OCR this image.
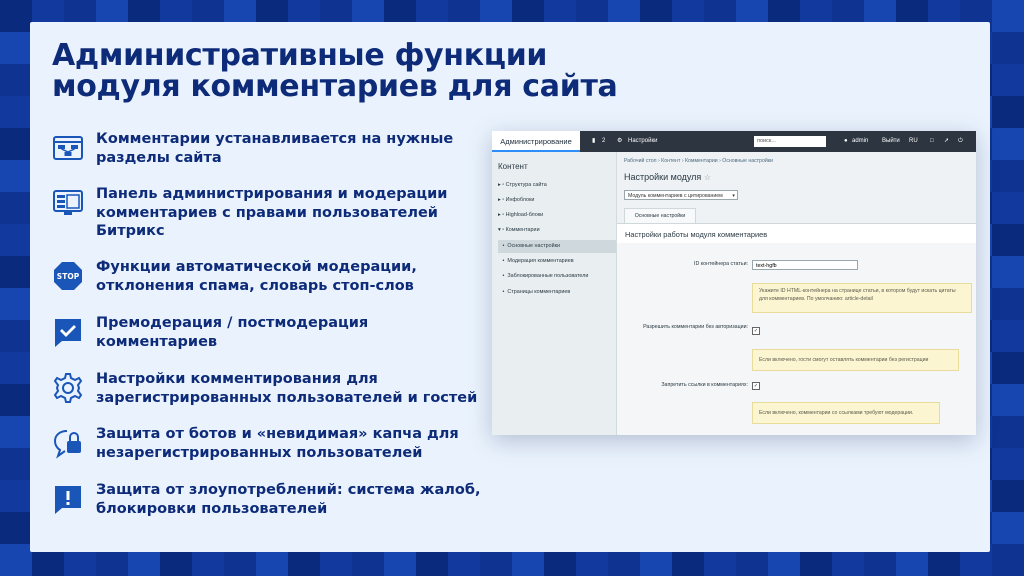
Административные функции
модуля комментариев для сайта
Комментарии устанавливается на нужные разделы сайта
Панель администрирования и модерации комментариев с правами пользователей Битрикс
STOP
Функции автоматической модерации, отклонения спама, словарь стоп-слов
Премодерация / постмодерация комментариев
Настройки комментирования для зарегистрированных пользователей и гостей
Защита от ботов и «невидимая» капча для незарегистрированных пользователей
Защита от злоупотреблений: система жалоб, блокировки пользователей
Администрирование	▮ 2 ⚙ Настройки	поиск...	● admin Выйти RU □ ➚ ⏻
Контент
▸ ▫ Структура сайта
▸ ▫ Инфоблоки
▸ ▫ Highload-блоки
▾ ▫ Комментарии
•  Основные настройки
•  Модерация комментариев
•  Заблокированные пользователи
•  Страницы комментариев
Рабочий стол › Контент › Комментарии › Основные настройки
Настройки модуля ☆
Модуль комментариев с цитированием ▾
Основные настройки
Настройки работы модуля комментариев
ID контейнера статьи:	text-hgfb
Укажите ID HTML-контейнера на странице статьи, в котором будут искать цитаты для комментариев. По умолчанию: article-detail
Разрешить комментарии без авторизации:
✓
Если включено, гости смогут оставлять комментарии без регистрации
Запретить ссылки в комментариях:	✓
Если включено, комментарии со ссылками требуют модерации.
